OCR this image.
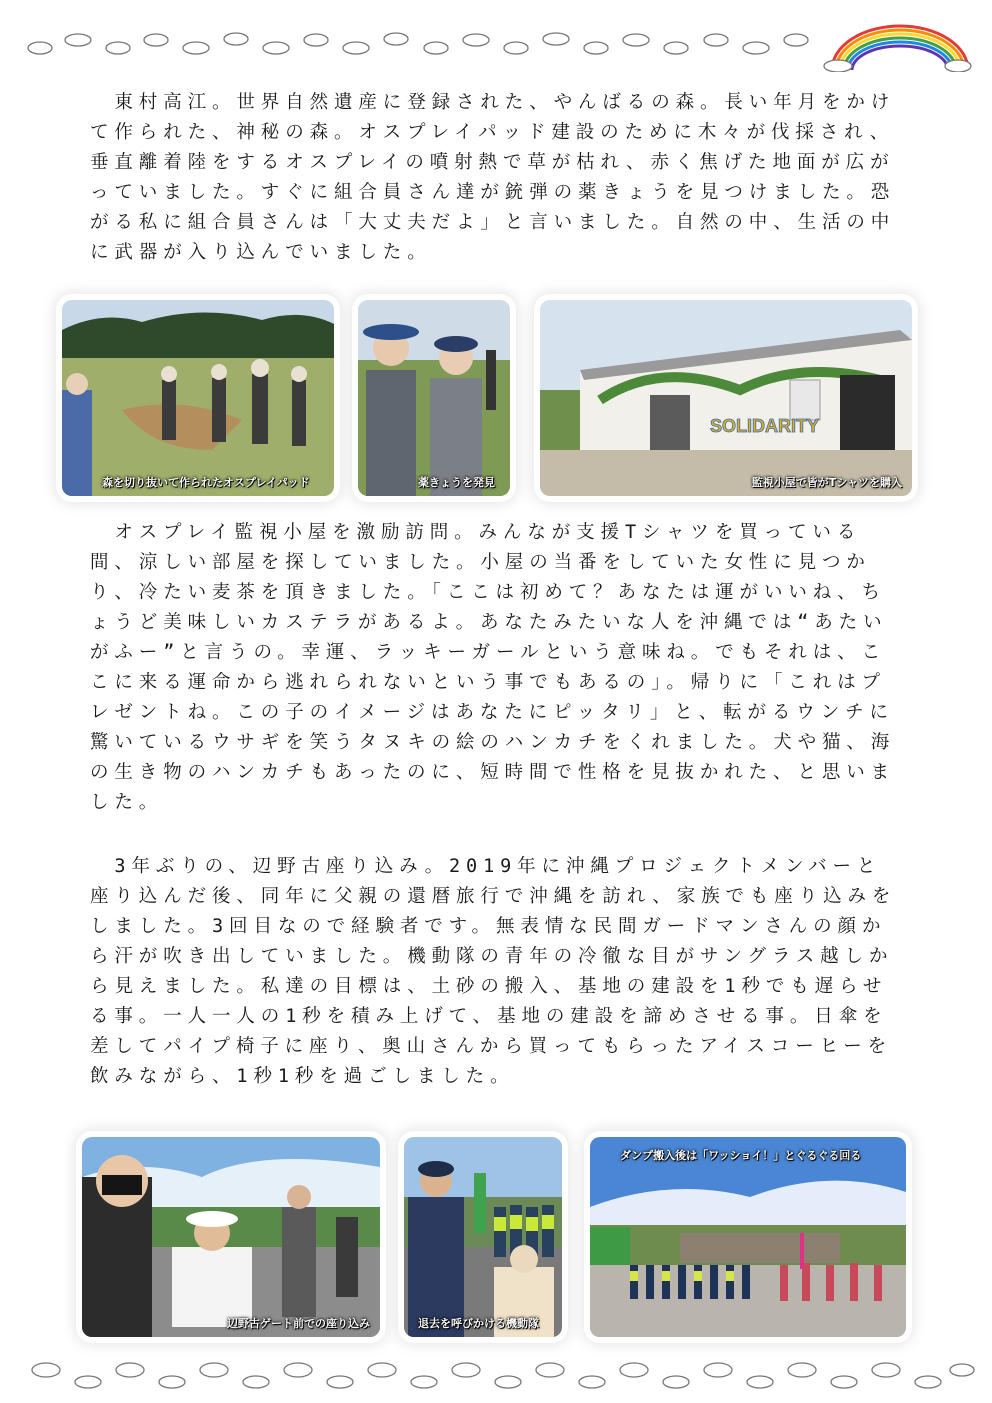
　東村高江。世界自然遺産に登録された、やんばるの森。長い年月をかけて作られた、神秘の森。オスプレイパッド建設のために木々が伐採され、垂直離着陸をするオスプレイの噴射熱で草が枯れ、赤く焦げた地面が広がっていました。すぐに組合員さん達が銃弾の薬きょうを見つけました。恐がる私に組合員さんは「大丈夫だよ」と言いました。自然の中、生活の中に武器が入り込んでいました。

森を切り抜いて作られたオスプレイパッド	薬きょうを発見
SOLIDARITY
監視小屋で皆がTシャツを購入

　オスプレイ監視小屋を激励訪問。みんなが支援Tシャツを買っている間、涼しい部屋を探していました。小屋の当番をしていた女性に見つかり、冷たい麦茶を頂きました。「ここは初めて？あなたは運がいいね、ちょうど美味しいカステラがあるよ。あなたみたいな人を沖縄では“あたいがふー”と言うの。幸運、ラッキーガールという意味ね。でもそれは、ここに来る運命から逃れられないという事でもあるの」。帰りに「これはプレゼントね。この子のイメージはあなたにピッタリ」と、転がるウンチに驚いているウサギを笑うタヌキの絵のハンカチをくれました。犬や猫、海の生き物のハンカチもあったのに、短時間で性格を見抜かれた、と思いました。

　3年ぶりの、辺野古座り込み。2019年に沖縄プロジェクトメンバーと座り込んだ後、同年に父親の還暦旅行で沖縄を訪れ、家族でも座り込みをしました。3回目なので経験者です。無表情な民間ガードマンさんの顔から汗が吹き出していました。機動隊の青年の冷徹な目がサングラス越しから見えました。私達の目標は、土砂の搬入、基地の建設を1秒でも遅らせる事。一人一人の1秒を積み上げて、基地の建設を諦めさせる事。日傘を差してパイプ椅子に座り、奥山さんから買ってもらったアイスコーヒーを飲みながら、1秒1秒を過ごしました。

辺野古ゲート前での座り込み	退去を呼びかける機動隊
ダンプ搬入後は「ワッショイ！」とぐるぐる回る
